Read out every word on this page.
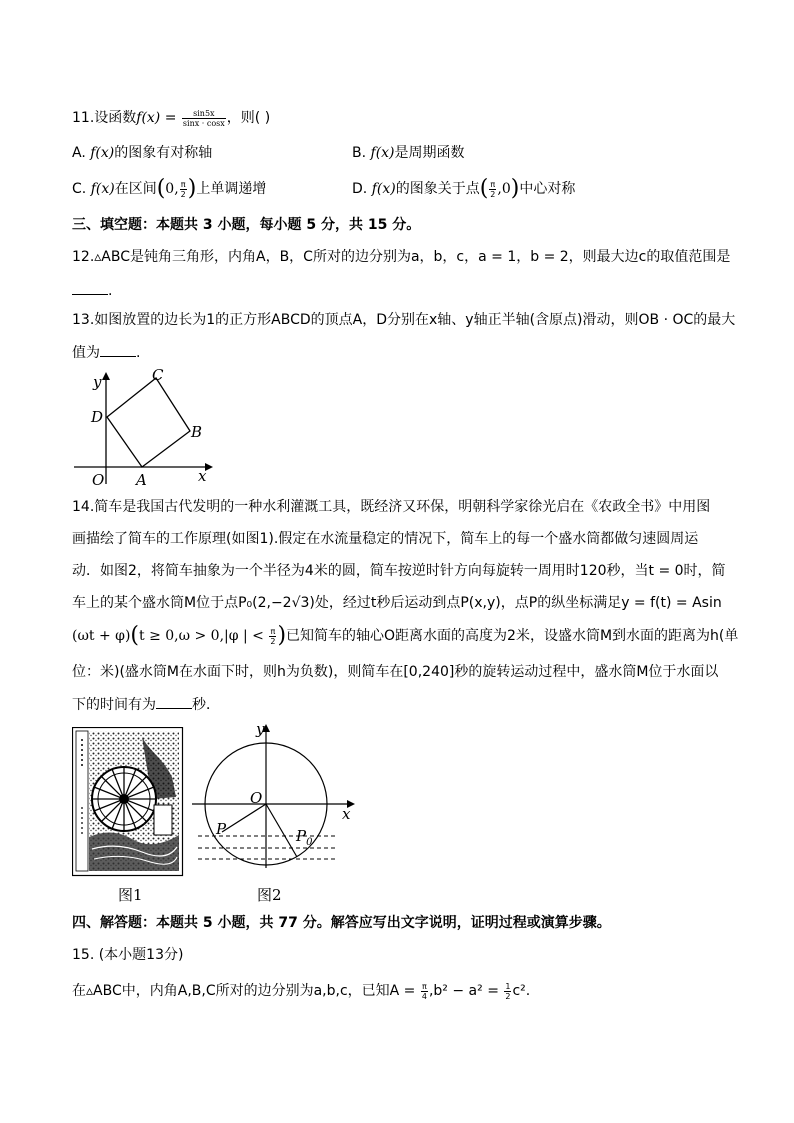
11.设函数$f(x) = \frac{\sin 5x}{\sin x \cdot \cos x}$ ，则( )
A. f(x)的图象有对称轴	B. f(x)是周期函数
C. f(x)在区间(0, $\frac{\pi}{2}$ )上单调递增	D. f(x)的图象关于点( $\frac{\pi}{2} ,0$)中心对称
三、填空题：本题共 3 小题，每小题 5 分，共 15 分。
12.▵ABC是钝角三角形，内角A，B，C所对的边分别为a，b，c，a = 1，b = 2，则最大边c的取值范围是
.
13.如图放置的边长为1的正方形ABCD的顶点A，D分别在x轴、y轴正半轴(含原点)滑动，则OB · OC的最大
值为	.
y
x
O A
B
C
D
14.简车是我国古代发明的一种水利灌溉工具，既经济又环保，明朝科学家徐光启在《农政全书》中用图
画描绘了简车的工作原理(如图1).假定在水流量稳定的情况下，简车上的每一个盛水筒都做匀速圆周运
动．如图2，将简车抽象为一个半径为4米的圆，简车按逆时针方向每旋转一周用时120秒，当t = 0时，简
车上的某个盛水筒M位于点P₀(2,−2√3)处，经过t秒后运动到点P(x,y)，点P的纵坐标满足y = f(t) = Asin
(ωt + φ)(t ≥ 0,ω > 0,|φ | < $\frac{\pi}{2}$ )已知简车的轴心O距离水面的高度为2米，设盛水筒M到水面的距离为h(单
位：米)(盛水筒M在水面下时，则h为负数)，则简车在[0,240]秒的旋转运动过程中，盛水筒M位于水面以
下的时间有为	秒．
y
x
O
P	$P_0$
图1	图2
四、解答题：本题共 5 小题，共 77 分。解答应写出文字说明，证明过程或演算步骤。
15. (本小题13分)
在▵ABC中，内角A,B,C所对的边分别为a,b,c，已知$A = \frac{\pi}{4} ,b^2 - a^2 = \frac{1}{2} c^2$.
